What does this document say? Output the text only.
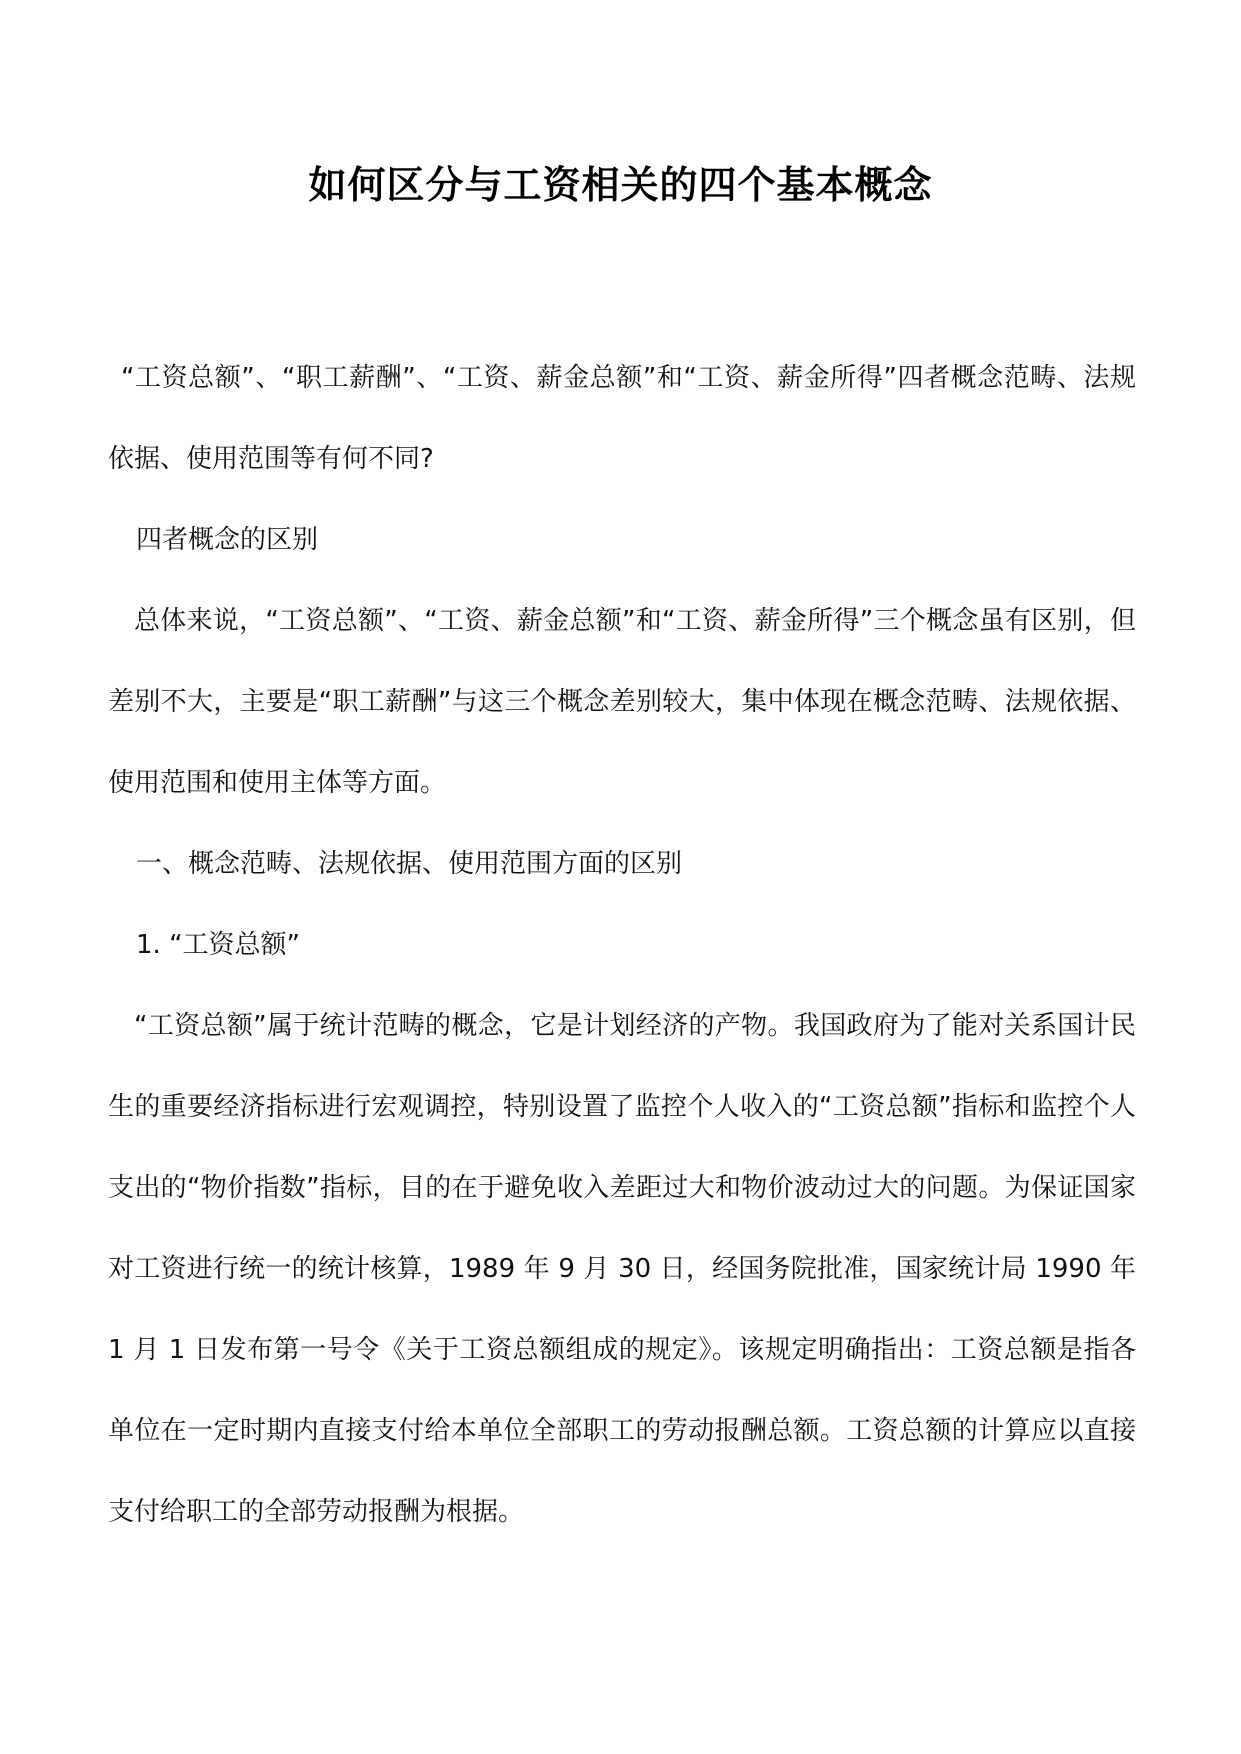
如何区分与工资相关的四个基本概念

“工资总额”、“职工薪酬”、“工资、薪金总额”和“工资、薪金所得”四者概念范畴、法规依据、使用范围等有何不同?

四者概念的区别

总体来说，“工资总额”、“工资、薪金总额”和“工资、薪金所得”三个概念虽有区别，但差别不大，主要是“职工薪酬”与这三个概念差别较大，集中体现在概念范畴、法规依据、使用范围和使用主体等方面。

一、概念范畴、法规依据、使用范围方面的区别

1. “工资总额”

“工资总额”属于统计范畴的概念，它是计划经济的产物。我国政府为了能对关系国计民生的重要经济指标进行宏观调控，特别设置了监控个人收入的“工资总额”指标和监控个人支出的“物价指数”指标，目的在于避免收入差距过大和物价波动过大的问题。为保证国家对工资进行统一的统计核算，1989 年 9 月 30 日，经国务院批准，国家统计局 1990 年 1 月 1 日发布第一号令《关于工资总额组成的规定》。该规定明确指出：工资总额是指各单位在一定时期内直接支付给本单位全部职工的劳动报酬总额。工资总额的计算应以直接支付给职工的全部劳动报酬为根据。
